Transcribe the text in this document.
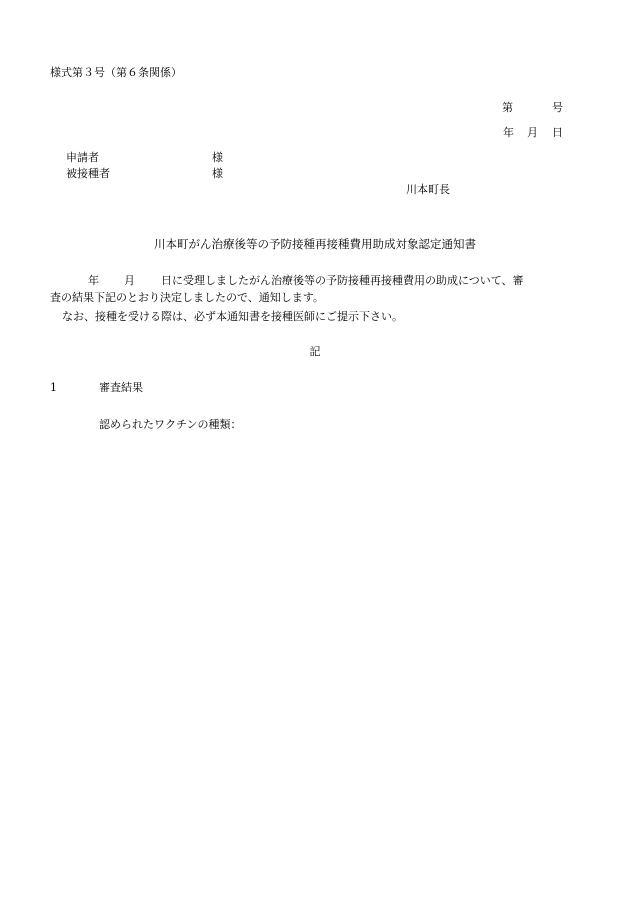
様式第３号（第６条関係）
第	号
年 月 日
申請者	様
被接種者	様
川本町長
川本町がん治療後等の予防接種再接種費用助成対象認定通知書
年 月 日に受理しましたがん治療後等の予防接種再接種費用の助成について、審
査の結果下記のとおり決定しましたので、通知します。
なお、接種を受ける際は、必ず本通知書を接種医師にご提示下さい。
記
1	審査結果
認められたワクチンの種類：
